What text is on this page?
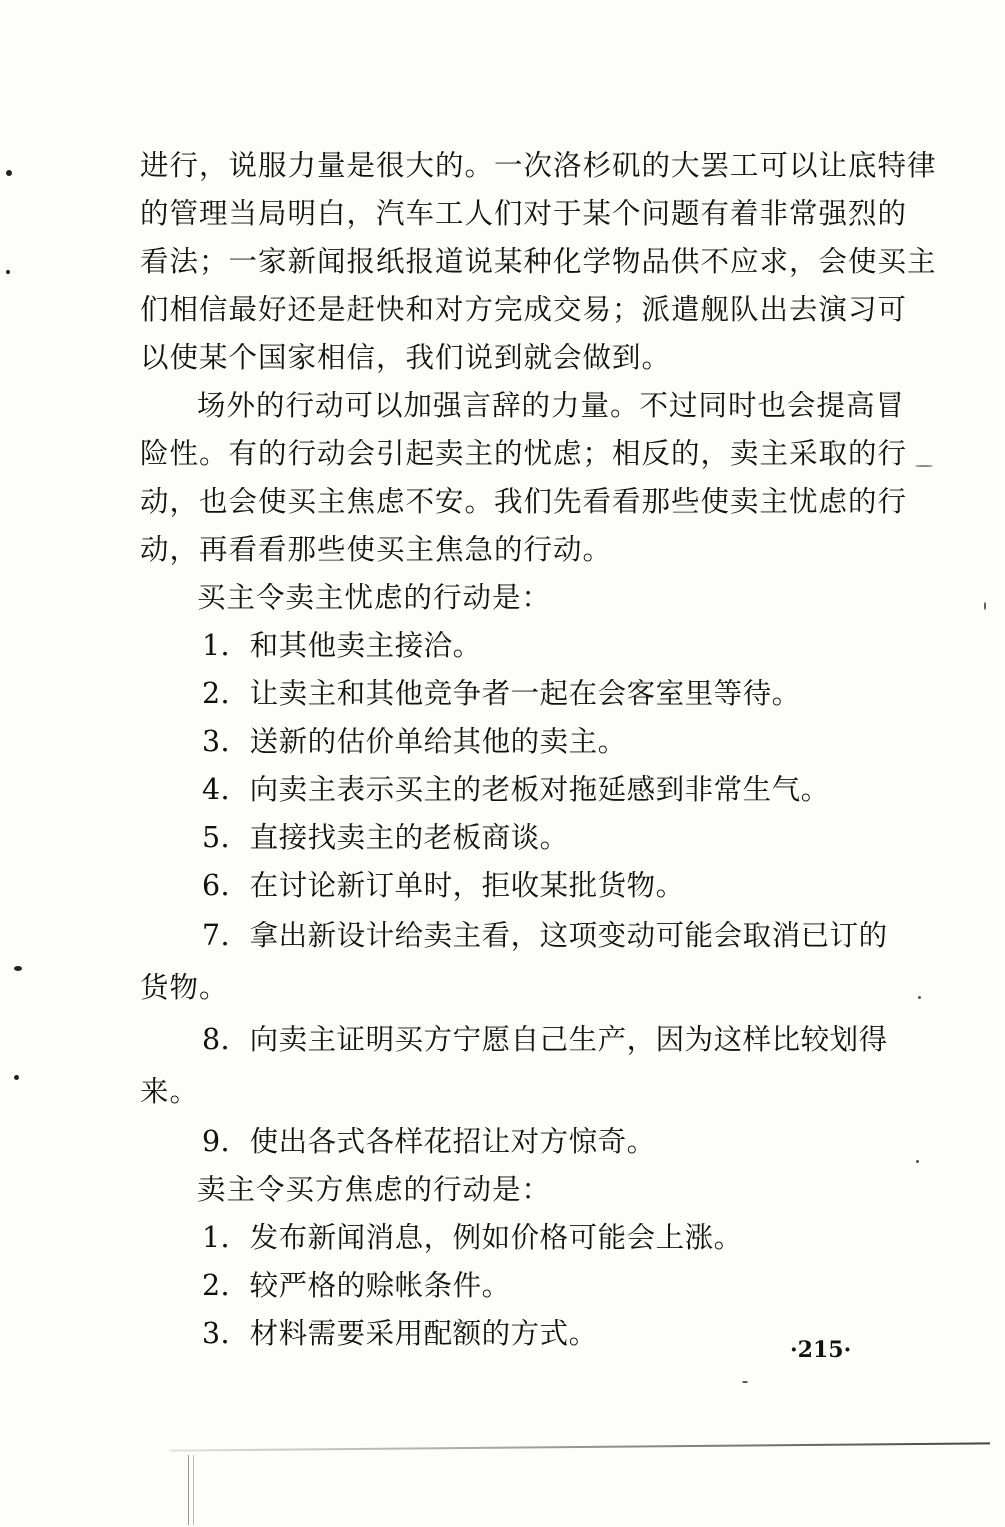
进行，说服力量是很大的。一次洛杉矶的大罢工可以让底特律
的管理当局明白，汽车工人们对于某个问题有着非常强烈的
看法；一家新闻报纸报道说某种化学物品供不应求，会使买主
们相信最好还是赶快和对方完成交易；派遣舰队出去演习可
以使某个国家相信，我们说到就会做到。
场外的行动可以加强言辞的力量。不过同时也会提高冒
险性。有的行动会引起卖主的忧虑；相反的，卖主采取的行
动，也会使买主焦虑不安。我们先看看那些使卖主忧虑的行
动，再看看那些使买主焦急的行动。
买主令卖主忧虑的行动是：
1．和其他卖主接洽。
2．让卖主和其他竞争者一起在会客室里等待。
3．送新的估价单给其他的卖主。
4．向卖主表示买主的老板对拖延感到非常生气。
5．直接找卖主的老板商谈。
6．在讨论新订单时，拒收某批货物。
7．拿出新设计给卖主看，这项变动可能会取消已订的
货物。
8．向卖主证明买方宁愿自己生产，因为这样比较划得
来。
9．使出各式各样花招让对方惊奇。
卖主令买方焦虑的行动是：
1．发布新闻消息，例如价格可能会上涨。
2．较严格的赊帐条件。
3．材料需要采用配额的方式。	·215·
